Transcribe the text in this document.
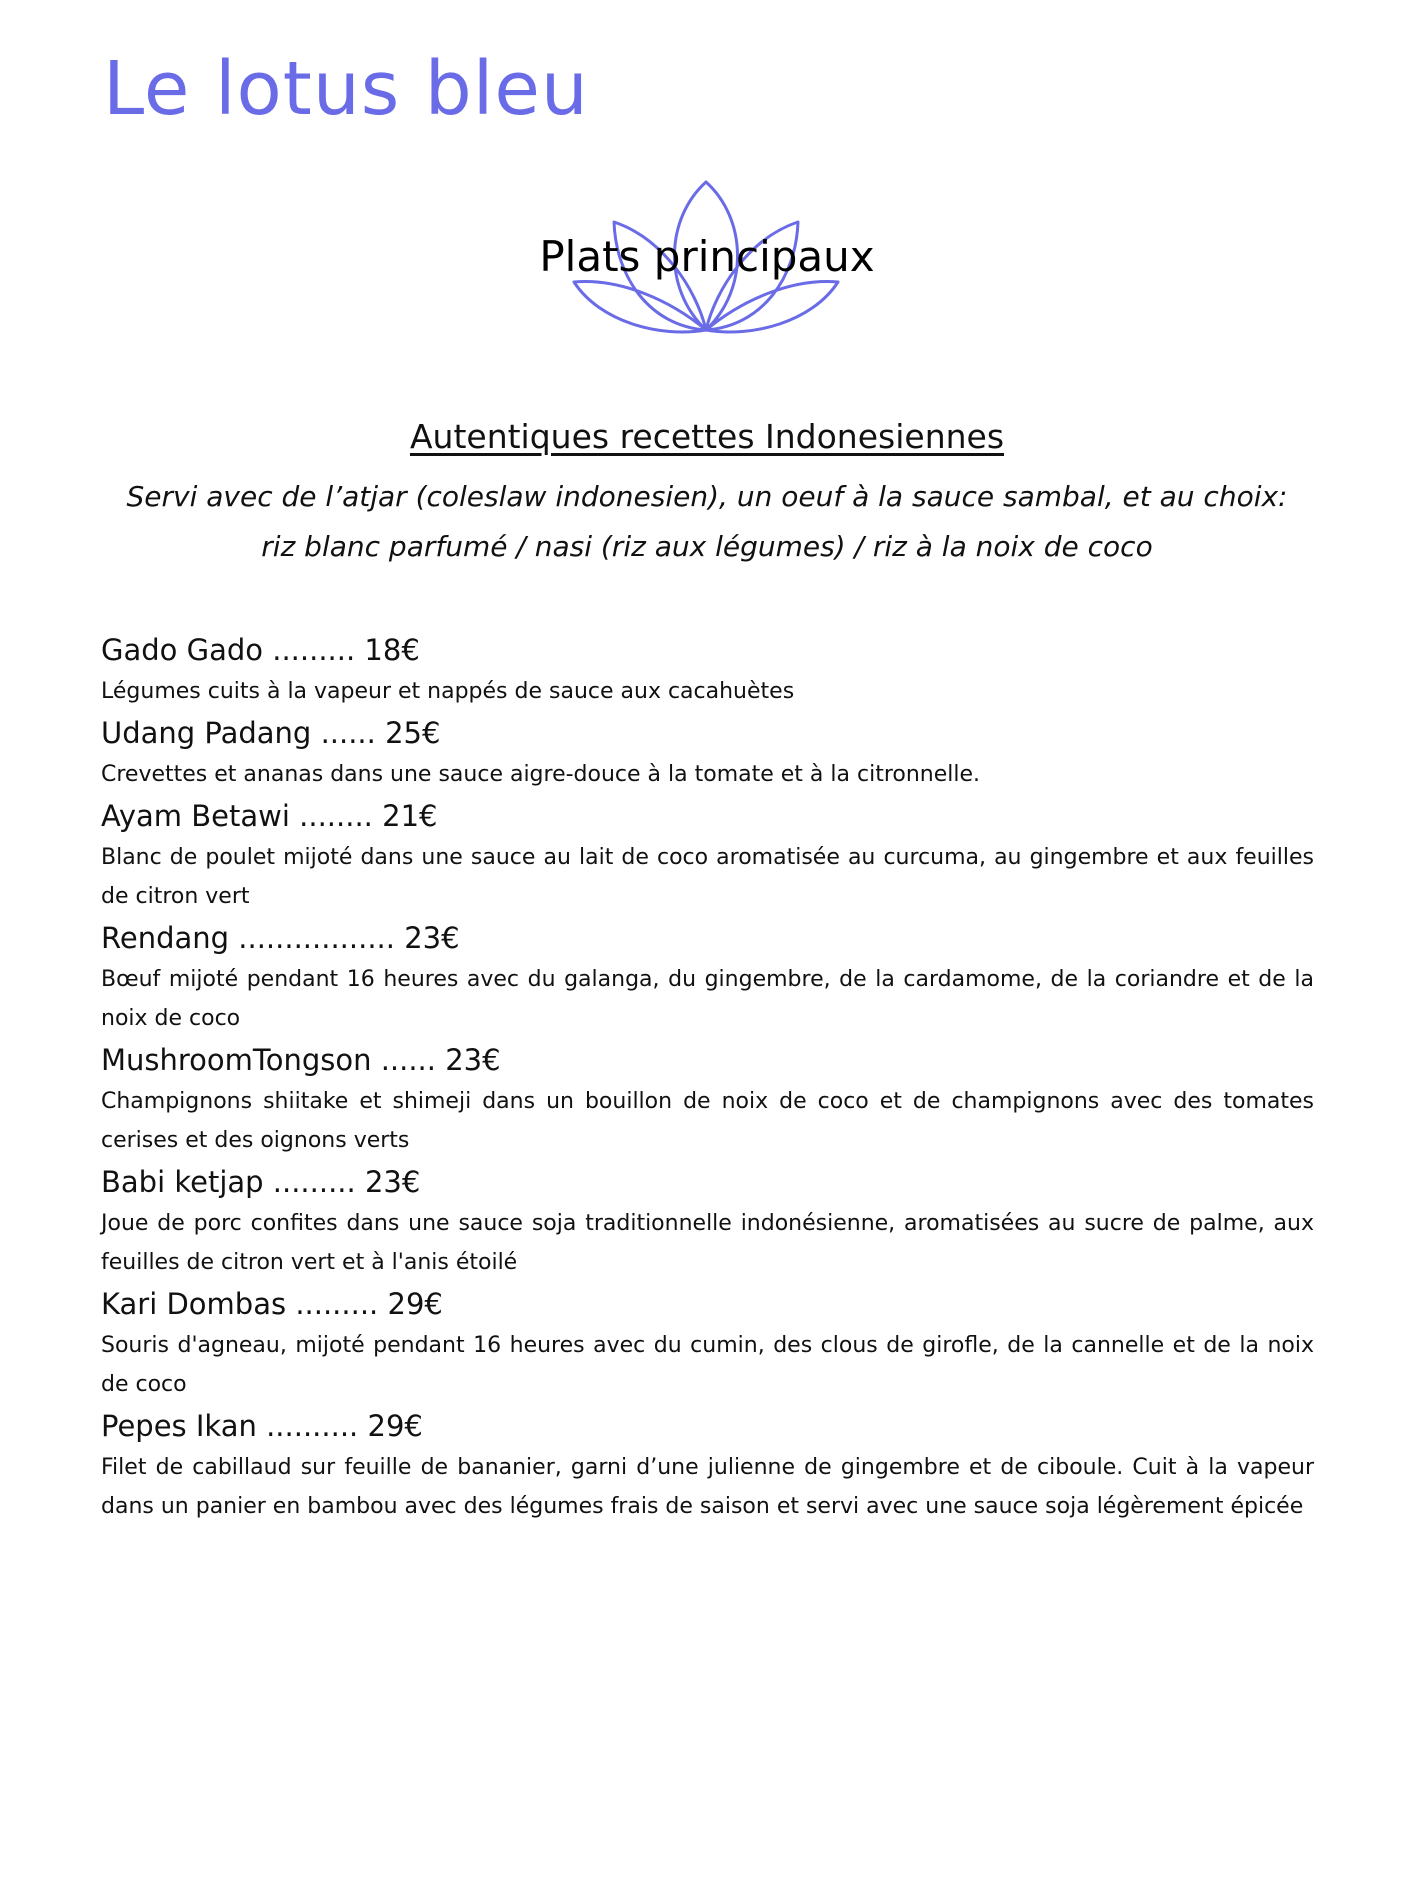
Le lotus bleu
Plats principaux

Autentiques recettes Indonesiennes

Servi avec de l’atjar (coleslaw indonesien), un oeuf à la sauce sambal, et au choix:

riz blanc parfumé / nasi (riz aux légumes) / riz à la noix de coco

Gado Gado ......... 18€

Légumes cuits à la vapeur et nappés de sauce aux cacahuètes

Udang Padang ...... 25€

Crevettes et ananas dans une sauce aigre-douce à la tomate et à la citronnelle.

Ayam Betawi ........ 21€

Blanc de poulet mijoté dans une sauce au lait de coco aromatisée au curcuma, au gingembre et aux feuilles de citron vert

Rendang ................. 23€

Bœuf mijoté pendant 16 heures avec du galanga, du gingembre, de la cardamome, de la coriandre et de la noix de coco

MushroomTongson ...... 23€

Champignons shiitake et shimeji dans un bouillon de noix de coco et de champignons avec des tomates cerises et des oignons verts

Babi ketjap ......... 23€

Joue de porc confites dans une sauce soja traditionnelle indonésienne, aromatisées au sucre de palme, aux feuilles de citron vert et à l'anis étoilé

Kari Dombas ......... 29€

Souris d'agneau, mijoté pendant 16 heures avec du cumin, des clous de girofle, de la cannelle et de la noix de coco

Pepes Ikan .......... 29€

Filet de cabillaud sur feuille de bananier, garni d’une julienne de gingembre et de ciboule. Cuit à la vapeur dans un panier en bambou avec des légumes frais de saison et servi avec une sauce soja légèrement épicée
